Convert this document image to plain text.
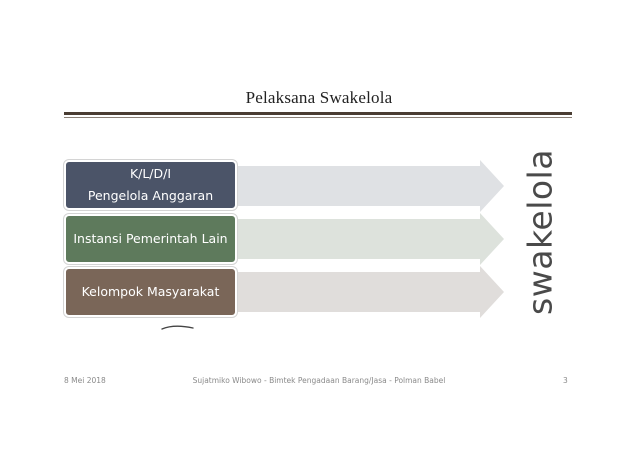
Pelaksana Swakelola
K/L/D/I
Pengelola Anggaran
Instansi Pemerintah Lain
Kelompok Masyarakat	swakelola
8 Mei 2018	Sujatmiko Wibowo - Bimtek Pengadaan Barang/Jasa - Polman Babel	3
